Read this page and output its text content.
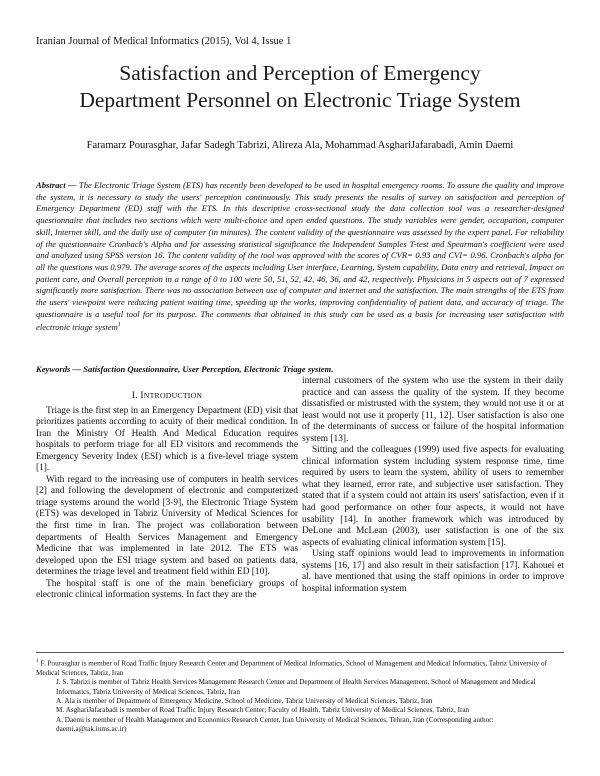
Iranian Journal of Medical Informatics (2015), Vol 4, Issue 1
Satisfaction and Perception of Emergency
Department Personnel on Electronic Triage System
Faramarz Pourasghar, Jafar Sadegh Tabrizi, Alireza Ala, Mohammad AsghariJafarabadi, Amin Daemi
Abstract — The Electronic Triage System (ETS) has recently been developed to be used in hospital emergency rooms. To assure the quality and improve the system, it is necessary to study the users' perception continuously. This study presents the results of survey on satisfaction and perception of Emergency Department (ED) staff with the ETS. In this descriptive cross-sectional study the data collection tool was a researcher-designed questionnaire that includes two sections which were multi-choice and open ended questions. The study variables were gender, occupation, computer skill, Internet skill, and the daily use of computer (in minutes). The content validity of the questionnaire was assessed by the expert panel. For reliability of the questionnaire Cronbach's Alpha and for assessing statistical significance the Independent Samples T-test and Spearman's coefficient were used and analyzed using SPSS version 16. The content validity of the tool was approved with the scores of CVR= 0.93 and CVI= 0.96. Cronbach's alpha for all the questions was 0.979. The average scores of the aspects including User interface, Learning, System capability, Data entry and retrieval, Impact on patient care, and Overall perception in a range of 0 to 100 were 50, 51, 52, 42, 46, 36, and 42, respectively. Physicians in 5 aspects out of 7 expressed significantly more satisfaction. There was no association between use of computer and internet and the satisfaction. The main strengths of the ETS from the users' viewpoint were reducing patient waiting time, speeding up the works, improving confidentiality of patient data, and accuracy of triage. The questionnaire is a useful tool for its purpose. The comments that obtained in this study can be used as a basis for increasing user satisfaction with electronic triage system$^1$
Keywords — Satisfaction Questionnaire, User Perception, Electronic Triage system.
I. INTRODUCTION

Triage is the first step in an Emergency Department (ED) visit that prioritizes patients according to acuity of their medical condition. In Iran the Ministry Of Health And Medical Education requires hospitals to perform triage for all ED visitors and recommends the Emergency Severity Index (ESI) which is a five-level triage system [1].

With regard to the increasing use of computers in health services [2] and following the development of electronic and computerized triage systems around the world [3-9], the Electronic Triage System (ETS) was developed in Tabriz University of Medical Sciences for the first time in Iran. The project was collaboration between departments of Health Services Management and Emergency Medicine that was implemented in late 2012. The ETS was developed upon the ESI triage system and based on patients data, determines the triage level and treatment field within ED [10].

The hospital staff is one of the main beneficiary groups of electronic clinical information systems. In fact they are the

internal customers of the system who use the system in their daily practice and can assess the quality of the system. If they become dissatisfied or mistrusted with the system, they would not use it or at least would not use it properly [11, 12]. User satisfaction is also one of the determinants of success or failure of the hospital information system [13].

Sitting and the colleagues (1999) used five aspects for evaluating clinical information system including system response time, time required by users to learn the system, ability of users to remember what they learned, error rate, and subjective user satisfaction. They stated that if a system could not attain its users' satisfaction, even if it had good performance on other four aspects, it would not have usability [14]. In another framework which was introduced by DeLone and McLean (2003), user satisfaction is one of the six aspects of evaluating clinical information system [15].

Using staff opinions would lead to improvements in information systems [16, 17] and also result in their satisfaction [17]. Kahouei et al. have mentioned that using the staff opinions in order to improve hospital information system

$^1$ F. Pourasghar is member of Road Traffic Injury Research Center and Department of Medical Informatics, School of Management and Medical Informatics, Tabriz University of Medical Sciences, Tabriz, Iran

J. S. Tabrizi is member of Tabriz Health Services Management Research Center and Department of Health Services Management, School of Management and Medical Informatics, Tabriz University of Medical Sciences, Tabriz, Iran

A. Ala is member of Department of Emergency Medicine, School of Medicine, Tabriz University of Medical Sciences, Tabriz, Iran

M. AsghariJafarabadi is member of Road Traffic Injury Research Center; Faculty of Health, Tabriz University of Medical Sciences, Tabriz, Iran

A. Daemi is member of Health Management and Economics Research Center, Iran University of Medical Sciences, Tehran, Iran (Corresponding author: daemi.a@tak.iums.ac.ir)
